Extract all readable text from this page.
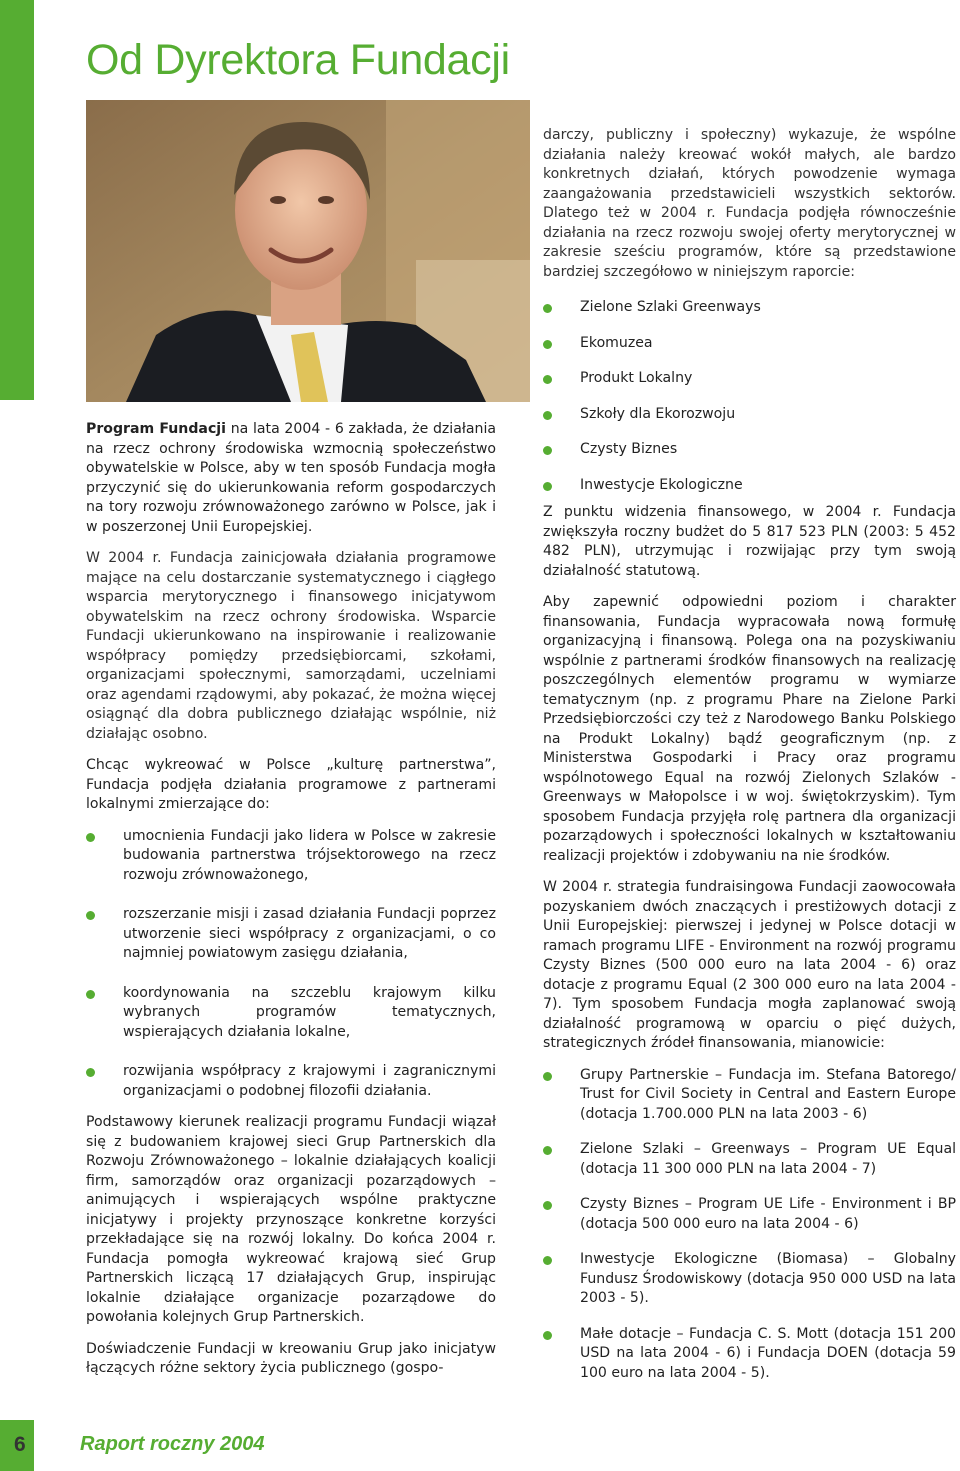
Od Dyrektora Fundacji

Program Fundacji na lata 2004 - 6 zakłada, że działania na rzecz ochrony środowiska wzmocnią społeczeństwo obywatelskie w Polsce, aby w ten sposób Fundacja mogła przyczynić się do ukierunkowania reform gospodarczych na tory rozwoju zrównoważonego zarówno w Polsce, jak i w poszerzonej Unii Europejskiej.

W 2004 r. Fundacja zainicjowała działania programowe mające na celu dostarczanie systematycznego i ciągłego wsparcia merytorycznego i finansowego inicjatywom obywatelskim na rzecz ochrony środowiska. Wsparcie Fundacji ukierunkowano na inspirowanie i realizowanie współpracy pomiędzy przedsiębiorcami, szkołami, organizacjami społecznymi, samorządami, uczelniami oraz agendami rządowymi, aby pokazać, że można więcej osiągnąć dla dobra publicznego działając wspólnie, niż działając osobno.

Chcąc wykreować w Polsce „kulturę partnerstwa”, Fundacja podjęła działania programowe z partnerami lokalnymi zmierzające do:

umocnienia Fundacji jako lidera w Polsce w zakresie budowania partnerstwa trójsektorowego na rzecz rozwoju zrównoważonego,
rozszerzanie misji i zasad działania Fundacji poprzez utworzenie sieci współpracy z organizacjami, o co najmniej powiatowym zasięgu działania,
koordynowania na szczeblu krajowym kilku wybranych programów tematycznych, wspierających działania lokalne,
rozwijania współpracy z krajowymi i zagranicznymi organizacjami o podobnej filozofii działania.

Podstawowy kierunek realizacji programu Fundacji wiązał się z budowaniem krajowej sieci Grup Partnerskich dla Rozwoju Zrównoważonego – lokalnie działających koalicji firm, samorządów oraz organizacji pozarządowych – animujących i wspierających wspólne praktyczne inicjatywy i projekty przynoszące konkretne korzyści przekładające się na rozwój lokalny. Do końca 2004 r. Fundacja pomogła wykreować krajową sieć Grup Partnerskich liczącą 17 działających Grup, inspirując lokalnie działające organizacje pozarządowe do powołania kolejnych Grup Partnerskich.

Doświadczenie Fundacji w kreowaniu Grup jako inicjatyw łączących różne sektory życia publicznego (gospo-

darczy, publiczny i społeczny) wykazuje, że wspólne działania należy kreować wokół małych, ale bardzo konkretnych działań, których powodzenie wymaga zaangażowania przedstawicieli wszystkich sektorów. Dlatego też w 2004 r. Fundacja podjęła równocześnie działania na rzecz rozwoju swojej oferty merytorycznej w zakresie sześciu programów, które są przedstawione bardziej szczegółowo w niniejszym raporcie:

Zielone Szlaki Greenways
Ekomuzea
Produkt Lokalny
Szkoły dla Ekorozwoju
Czysty Biznes
Inwestycje Ekologiczne

Z punktu widzenia finansowego, w 2004 r. Fundacja zwiększyła roczny budżet do 5 817 523 PLN (2003: 5 452 482 PLN), utrzymując i rozwijając przy tym swoją działalność statutową.

Aby zapewnić odpowiedni poziom i charakter finansowania, Fundacja wypracowała nową formułę organizacyjną i finansową. Polega ona na pozyskiwaniu wspólnie z partnerami środków finansowych na realizację poszczególnych elementów programu w wymiarze tematycznym (np. z programu Phare na Zielone Parki Przedsiębiorczości czy też z Narodowego Banku Polskiego na Produkt Lokalny) bądź geograficznym (np. z Ministerstwa Gospodarki i Pracy oraz programu wspólnotowego Equal na rozwój Zielonych Szlaków - Greenways w Małopolsce i w woj. świętokrzyskim). Tym sposobem Fundacja przyjęła rolę partnera dla organizacji pozarządowych i społeczności lokalnych w kształtowaniu realizacji projektów i zdobywaniu na nie środków.

W 2004 r. strategia fundraisingowa Fundacji zaowocowała pozyskaniem dwóch znaczących i prestiżowych dotacji z Unii Europejskiej: pierwszej i jedynej w Polsce dotacji w ramach programu LIFE - Environment na rozwój programu Czysty Biznes (500 000 euro na lata 2004 - 6) oraz dotacje z programu Equal (2 300 000 euro na lata 2004 - 7). Tym sposobem Fundacja mogła zaplanować swoją działalność programową w oparciu o pięć dużych, strategicznych źródeł finansowania, mianowicie:

Grupy Partnerskie – Fundacja im. Stefana Batorego/ Trust for Civil Society in Central and Eastern Europe (dotacja 1.700.000 PLN na lata 2003 - 6)
Zielone Szlaki – Greenways – Program UE Equal (dotacja 11 300 000 PLN na lata 2004 - 7)
Czysty Biznes – Program UE Life - Environment i BP (dotacja 500 000 euro na lata 2004 - 6)
Inwestycje Ekologiczne (Biomasa) – Globalny Fundusz Środowiskowy (dotacja 950 000 USD na lata 2003 - 5).
Małe dotacje – Fundacja C. S. Mott (dotacja 151 200 USD na lata 2004 - 6) i Fundacja DOEN (dotacja 59 100 euro na lata 2004 - 5).
6	Raport roczny 2004
